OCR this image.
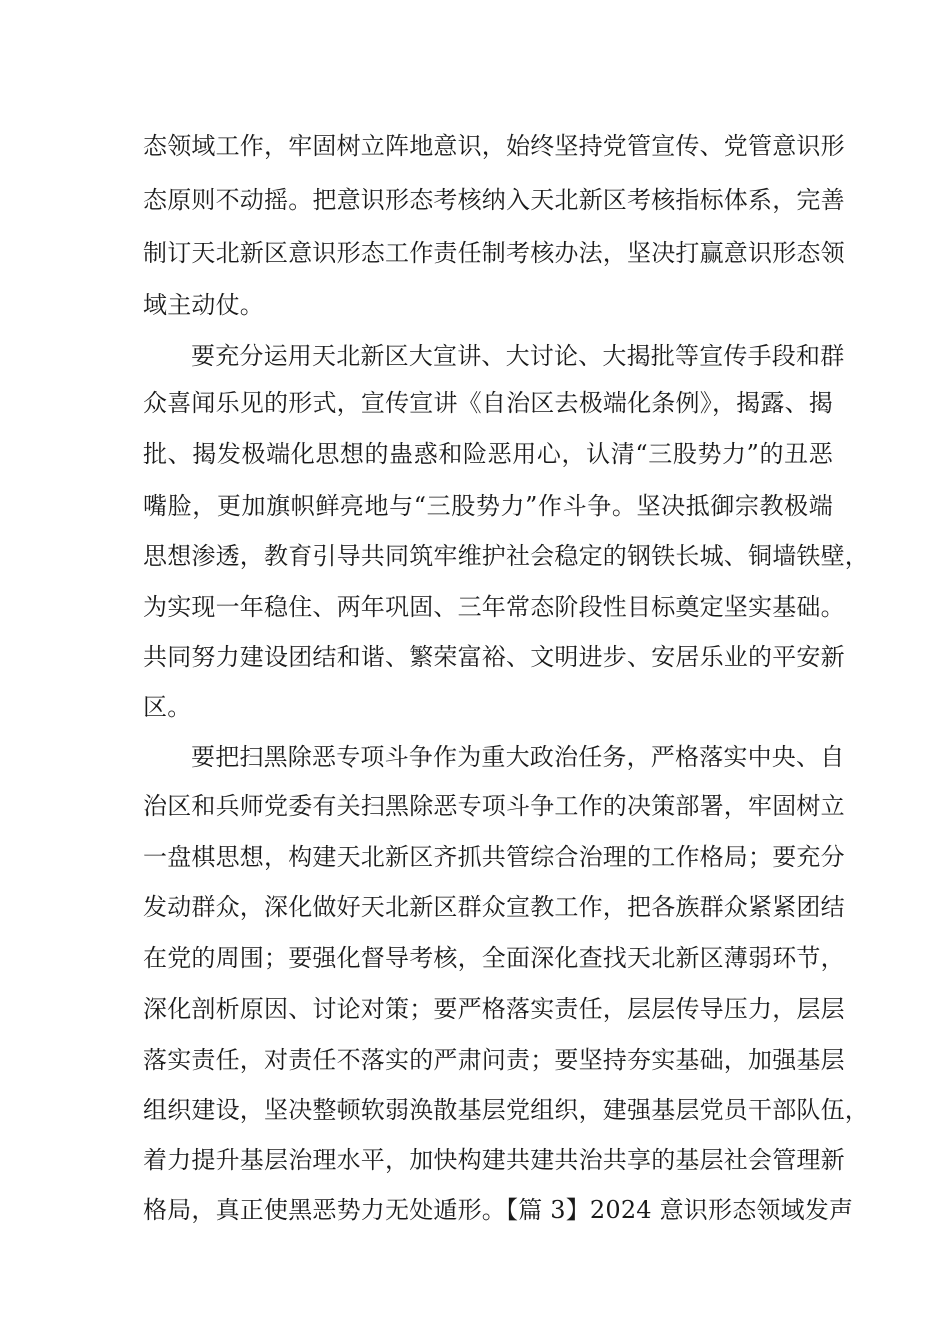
态领域工作，牢固树立阵地意识，始终坚持党管宣传、党管意识形
态原则不动摇。把意识形态考核纳入天北新区考核指标体系，完善
制订天北新区意识形态工作责任制考核办法，坚决打赢意识形态领
域主动仗。
要充分运用天北新区大宣讲、大讨论、大揭批等宣传手段和群
众喜闻乐见的形式，宣传宣讲《自治区去极端化条例》，揭露、揭
批、揭发极端化思想的蛊惑和险恶用心，认清“三股势力”的丑恶
嘴脸，更加旗帜鲜亮地与“三股势力”作斗争。坚决抵御宗教极端
思想渗透，教育引导共同筑牢维护社会稳定的钢铁长城、铜墙铁壁，
为实现一年稳住、两年巩固、三年常态阶段性目标奠定坚实基础。
共同努力建设团结和谐、繁荣富裕、文明进步、安居乐业的平安新
区。
要把扫黑除恶专项斗争作为重大政治任务，严格落实中央、自
治区和兵师党委有关扫黑除恶专项斗争工作的决策部署，牢固树立
一盘棋思想，构建天北新区齐抓共管综合治理的工作格局；要充分
发动群众，深化做好天北新区群众宣教工作，把各族群众紧紧团结
在党的周围；要强化督导考核，全面深化查找天北新区薄弱环节，
深化剖析原因、讨论对策；要严格落实责任，层层传导压力，层层
落实责任，对责任不落实的严肃问责；要坚持夯实基础，加强基层
组织建设，坚决整顿软弱涣散基层党组织，建强基层党员干部队伍，
着力提升基层治理水平，加快构建共建共治共享的基层社会管理新
格局，真正使黑恶势力无处遁形。【篇 3】2024 意识形态领域发声
